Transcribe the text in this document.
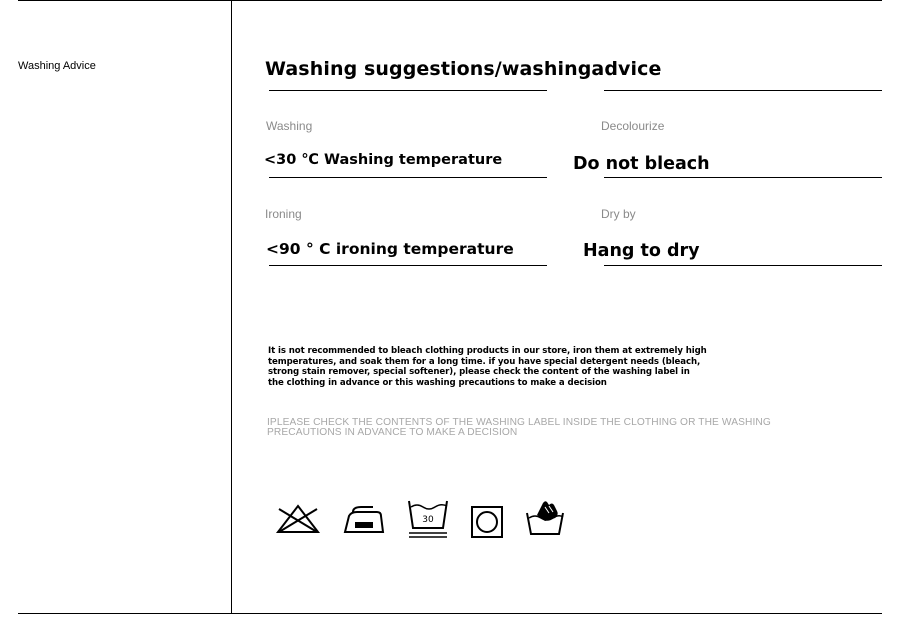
Washing Advice	Washing suggestions/washingadvice
Washing
<30 ℃ Washing temperature
Decolourize
Do not bleach
Ironing
<90 ° C ironing temperature
Dry by
Hang to dry
It is not recommended to bleach clothing products in our store, iron them at extremely high temperatures, and soak them for a long time. if you have special detergent needs (bleach, strong stain remover, special softener), please check the content of the washing label in the clothing in advance or this washing precautions to make a decision
IPLEASE CHECK THE CONTENTS OF THE WASHING LABEL INSIDE THE CLOTHING OR THE WASHING PRECAUTIONS IN ADVANCE TO MAKE A DECISION
30
